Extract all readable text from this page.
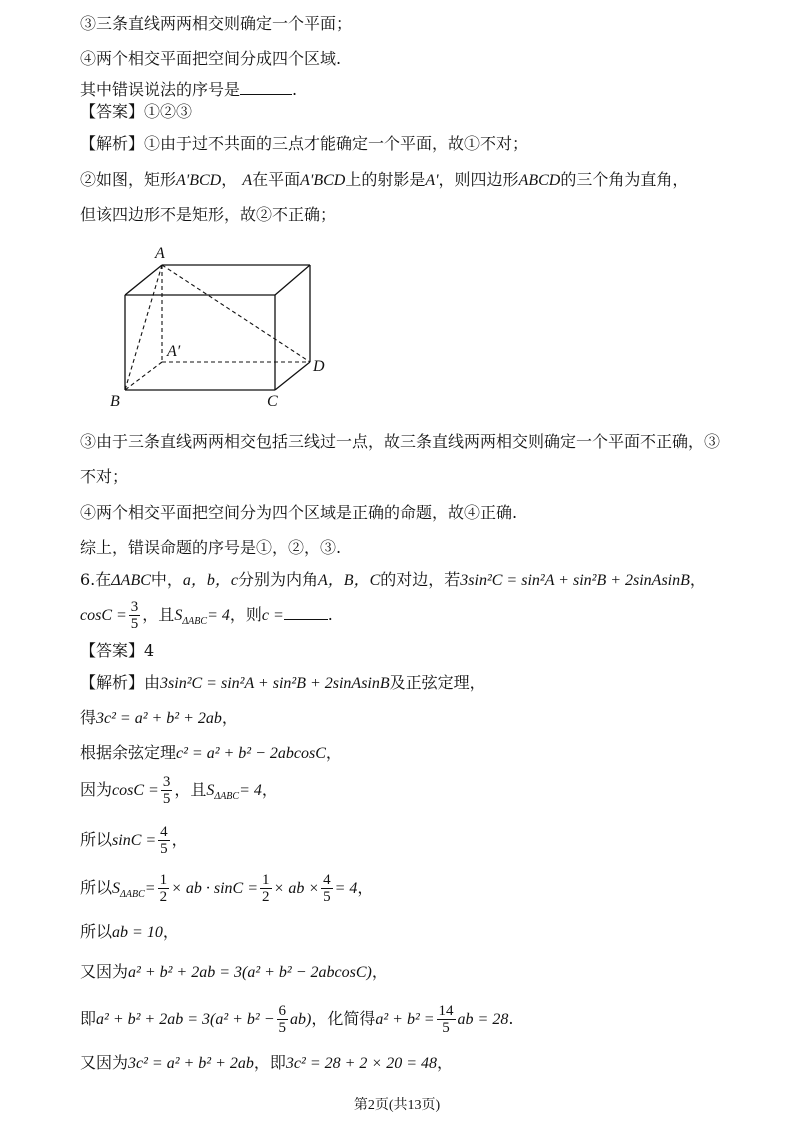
③三条直线两两相交则确定一个平面；
④两个相交平面把空间分成四个区域.
其中错误说法的序号是	.
【答案】①②③
【解析】①由于过不共面的三点才能确定一个平面，故①不对；
②如图，矩形A'BCD， A在平面A'BCD上的射影是A'，则四边形ABCD的三个角为直角，
但该四边形不是矩形，故②不正确；
A
A′
B	C
D
③由于三条直线两两相交包括三线过一点，故三条直线两两相交则确定一个平面不正确，③
不对；
④两个相交平面把空间分为四个区域是正确的命题，故④正确.
综上，错误命题的序号是①，②，③.
6.在ΔABC中，a，b，c分别为内角A，B，C的对边，若3sin²C = sin²A + sin²B + 2sinAsinB，
$\cos C = \frac{3}{5}$ ，且$S_{\Delta ABC}= 4$，则c =	.
【答案】4
【解析】由3sin²C = sin²A + sin²B + 2sinAsinB及正弦定理，
得3c² = a² + b² + 2ab，
根据余弦定理c² = a² + b² − 2abcosC，
因为$\cos C = \frac{3}{5}$ ，且$S_{\Delta ABC}= 4$，
所以$\sin C = \frac{4}{5}$ ，
所以$S_{\Delta ABC}= \frac{1}{2}$ × ab · $\sin C = \frac{1}{2}$ × ab × $\frac{4}{5} = 4$，
所以ab = 10，
又因为a² + b² + 2ab = 3(a² + b² − 2abcosC)，
即$a^2 + b^2 + 2ab = 3(a^2 + b^2 - \frac{6}{5} ab)$，化简得$a^2 + b^2 = \frac{14}{5}$ ab = 28.
又因为3c² = a² + b² + 2ab，即3c² = 28 + 2 × 20 = 48，
第2页(共13页)
